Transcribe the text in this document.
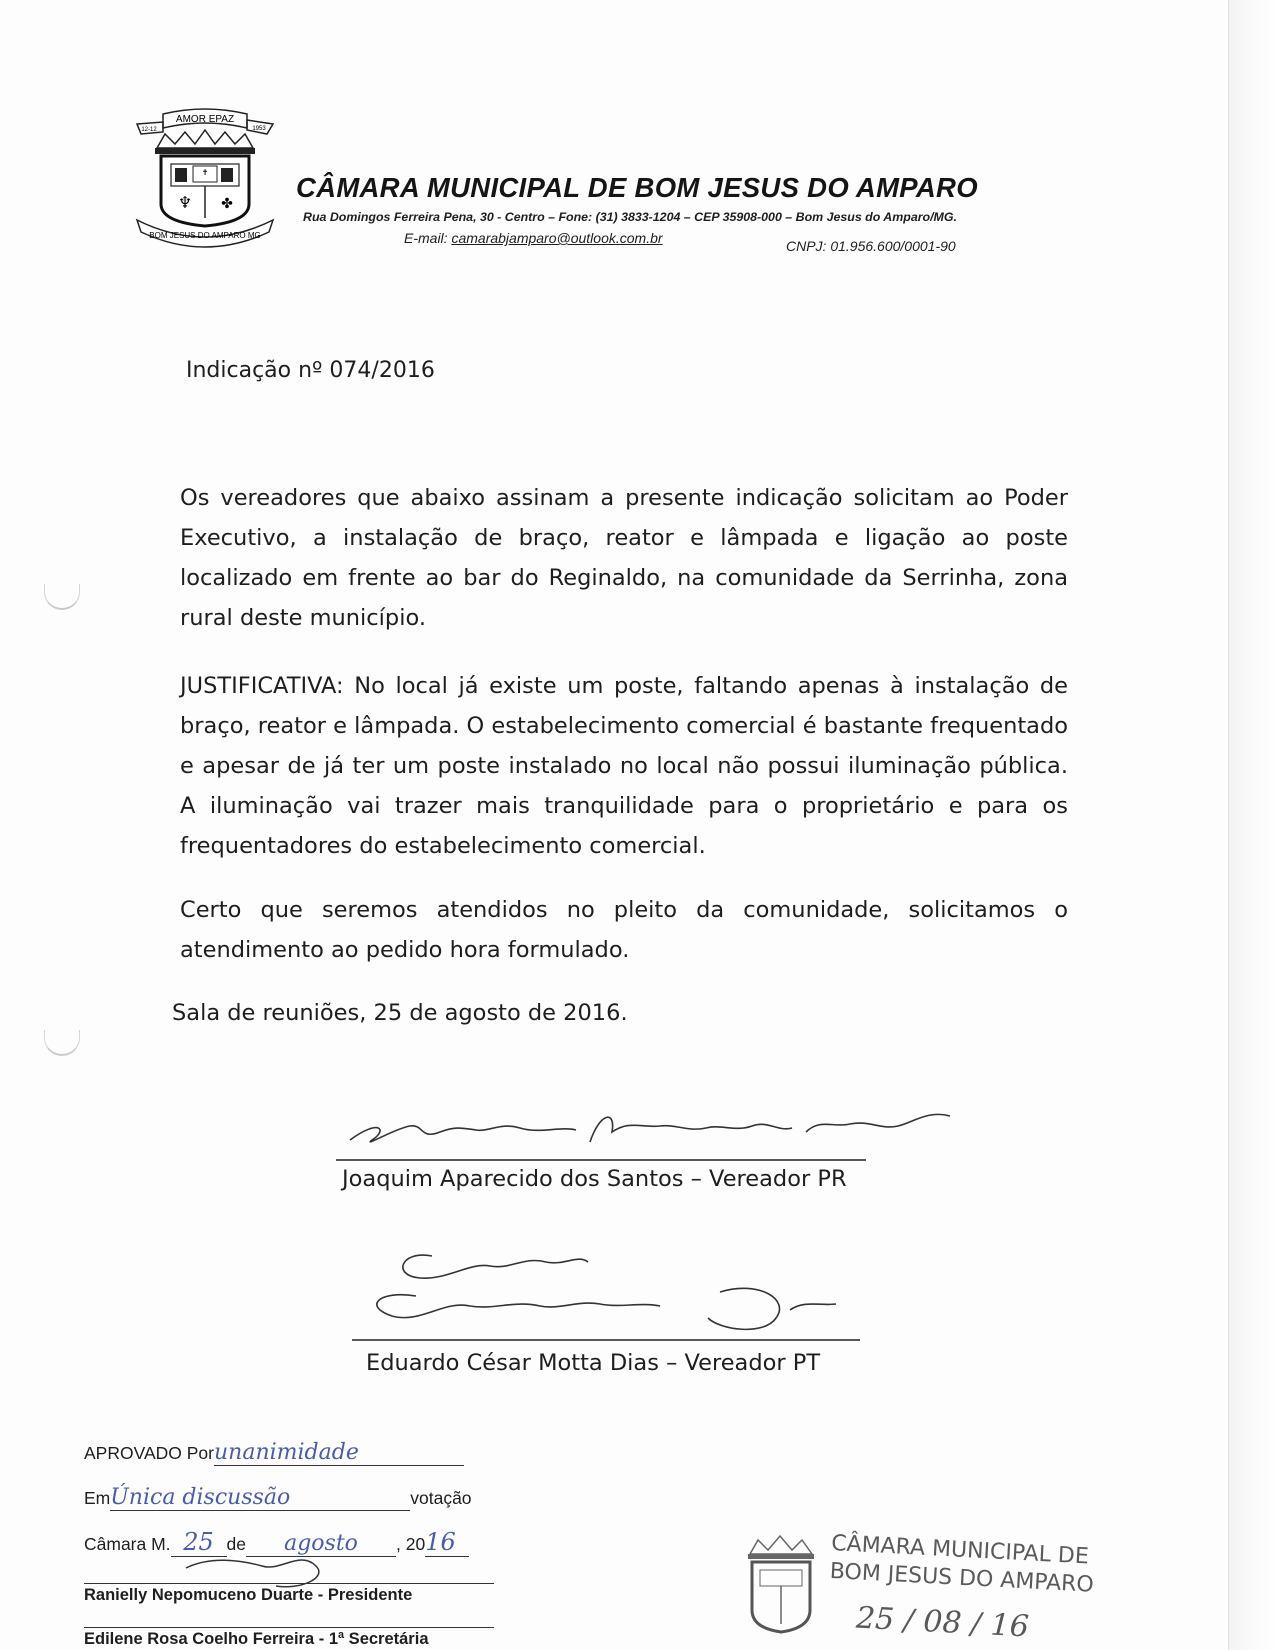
AMOR EPAZ
12-12	1953
✝
♆ ✤
BOM JESUS DO AMPARO MG
CÂMARA MUNICIPAL DE BOM JESUS DO AMPARO
Rua Domingos Ferreira Pena, 30 - Centro – Fone: (31) 3833-1204 – CEP 35908-000 – Bom Jesus do Amparo/MG.
E-mail: camarabjamparo@outlook.com.br	CNPJ: 01.956.600/0001-90
Indicação nº 074/2016
Os vereadores que abaixo assinam a presente indicação solicitam ao Poder Executivo, a instalação de braço, reator e lâmpada e ligação ao poste localizado em frente ao bar do Reginaldo, na comunidade da Serrinha, zona rural deste município.
JUSTIFICATIVA: No local já existe um poste, faltando apenas à instalação de braço, reator e lâmpada. O estabelecimento comercial é bastante frequentado e apesar de já ter um poste instalado no local não possui iluminação pública. A iluminação vai trazer mais tranquilidade para o proprietário e para os frequentadores do estabelecimento comercial.
Certo que seremos atendidos no pleito da comunidade, solicitamos o atendimento ao pedido hora formulado.
Sala de reuniões, 25 de agosto de 2016.
Joaquim Aparecido dos Santos – Vereador PR
Eduardo César Motta Dias – Vereador PT
APROVADO Porunanimidade
EmÚnica discussão	votação
Câmara M. 25 de agosto , 2016
Ranielly Nepomuceno Duarte - Presidente
Edilene Rosa Coelho Ferreira - 1ª Secretária
CÂMARA MUNICIPAL DE
BOM JESUS DO AMPARO
25 / 08 / 16
